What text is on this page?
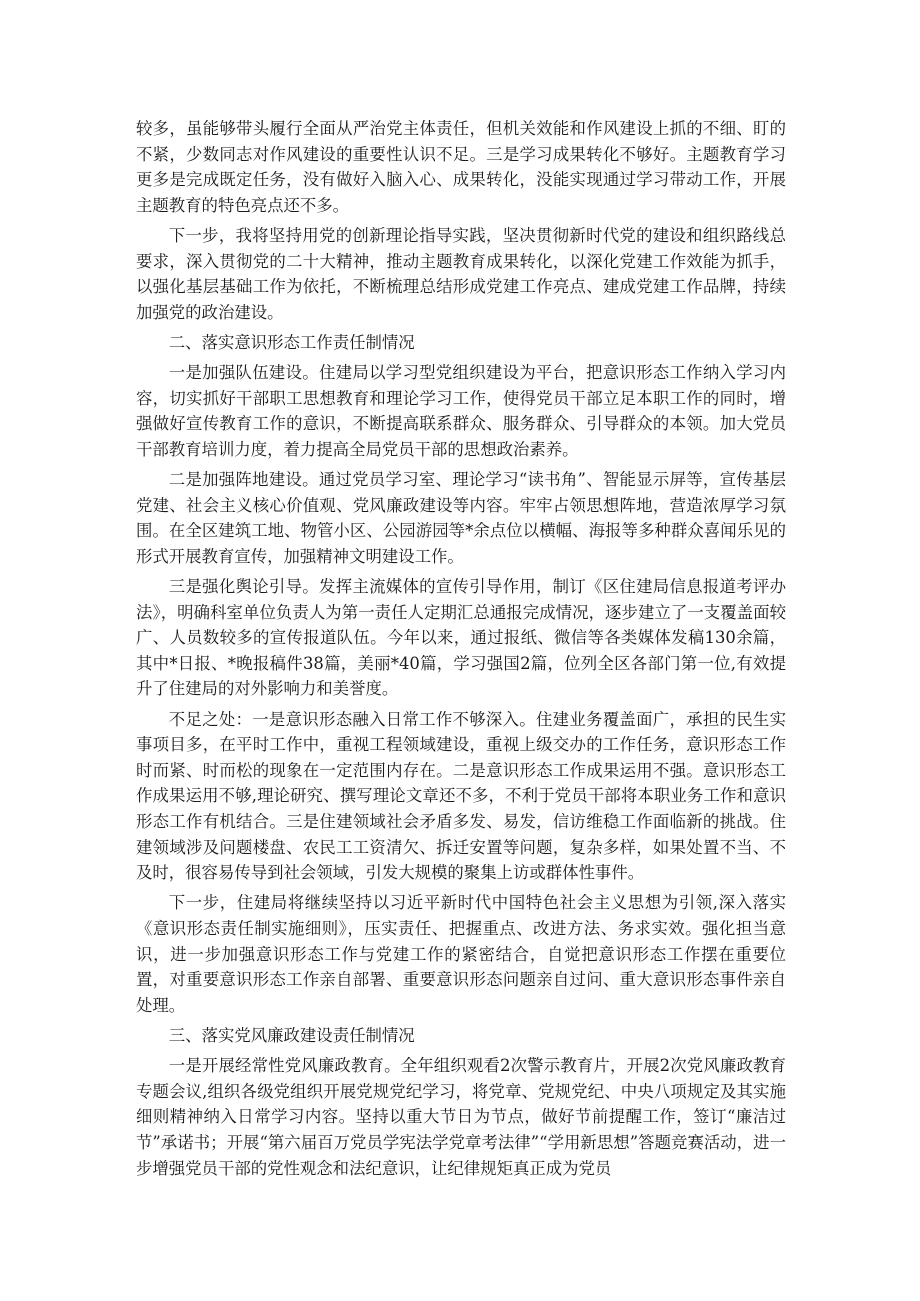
较多，虽能够带头履行全面从严治党主体责任，但机关效能和作风建设上抓的不细、盯的不紧，少数同志对作风建设的重要性认识不足。三是学习成果转化不够好。主题教育学习更多是完成既定任务，没有做好入脑入心、成果转化，没能实现通过学习带动工作，开展主题教育的特色亮点还不多。

下一步，我将坚持用党的创新理论指导实践，坚决贯彻新时代党的建设和组织路线总要求，深入贯彻党的二十大精神，推动主题教育成果转化，以深化党建工作效能为抓手，以强化基层基础工作为依托，不断梳理总结形成党建工作亮点、建成党建工作品牌，持续加强党的政治建设。

二、落实意识形态工作责任制情况

一是加强队伍建设。住建局以学习型党组织建设为平台，把意识形态工作纳入学习内容，切实抓好干部职工思想教育和理论学习工作，使得党员干部立足本职工作的同时，增强做好宣传教育工作的意识，不断提高联系群众、服务群众、引导群众的本领。加大党员干部教育培训力度，着力提高全局党员干部的思想政治素养。

二是加强阵地建设。通过党员学习室、理论学习“读书角”、智能显示屏等，宣传基层党建、社会主义核心价值观、党风廉政建设等内容。牢牢占领思想阵地，营造浓厚学习氛围。在全区建筑工地、物管小区、公园游园等*余点位以横幅、海报等多种群众喜闻乐见的形式开展教育宣传，加强精神文明建设工作。

三是强化舆论引导。发挥主流媒体的宣传引导作用，制订《区住建局信息报道考评办法》，明确科室单位负责人为第一责任人定期汇总通报完成情况，逐步建立了一支覆盖面较广、人员数较多的宣传报道队伍。今年以来，通过报纸、微信等各类媒体发稿130余篇，其中*日报、*晚报稿件38篇，美丽*40篇，学习强国2篇，位列全区各部门第一位,有效提升了住建局的对外影响力和美誉度。

不足之处：一是意识形态融入日常工作不够深入。住建业务覆盖面广，承担的民生实事项目多，在平时工作中，重视工程领域建设，重视上级交办的工作任务，意识形态工作时而紧、时而松的现象在一定范围内存在。二是意识形态工作成果运用不强。意识形态工作成果运用不够,理论研究、撰写理论文章还不多，不利于党员干部将本职业务工作和意识形态工作有机结合。三是住建领域社会矛盾多发、易发，信访维稳工作面临新的挑战。住建领域涉及问题楼盘、农民工工资清欠、拆迁安置等问题，复杂多样，如果处置不当、不及时，很容易传导到社会领域，引发大规模的聚集上访或群体性事件。

下一步，住建局将继续坚持以习近平新时代中国特色社会主义思想为引领,深入落实《意识形态责任制实施细则》，压实责任、把握重点、改进方法、务求实效。强化担当意识，进一步加强意识形态工作与党建工作的紧密结合，自觉把意识形态工作摆在重要位置，对重要意识形态工作亲自部署、重要意识形态问题亲自过问、重大意识形态事件亲自处理。

三、落实党风廉政建设责任制情况

一是开展经常性党风廉政教育。全年组织观看2次警示教育片，开展2次党风廉政教育专题会议,组织各级党组织开展党规党纪学习，将党章、党规党纪、中央八项规定及其实施细则精神纳入日常学习内容。坚持以重大节日为节点，做好节前提醒工作，签订“廉洁过节”承诺书；开展“第六届百万党员学宪法学党章考法律”“学用新思想”答题竞赛活动，进一步增强党员干部的党性观念和法纪意识，让纪律规矩真正成为党员
